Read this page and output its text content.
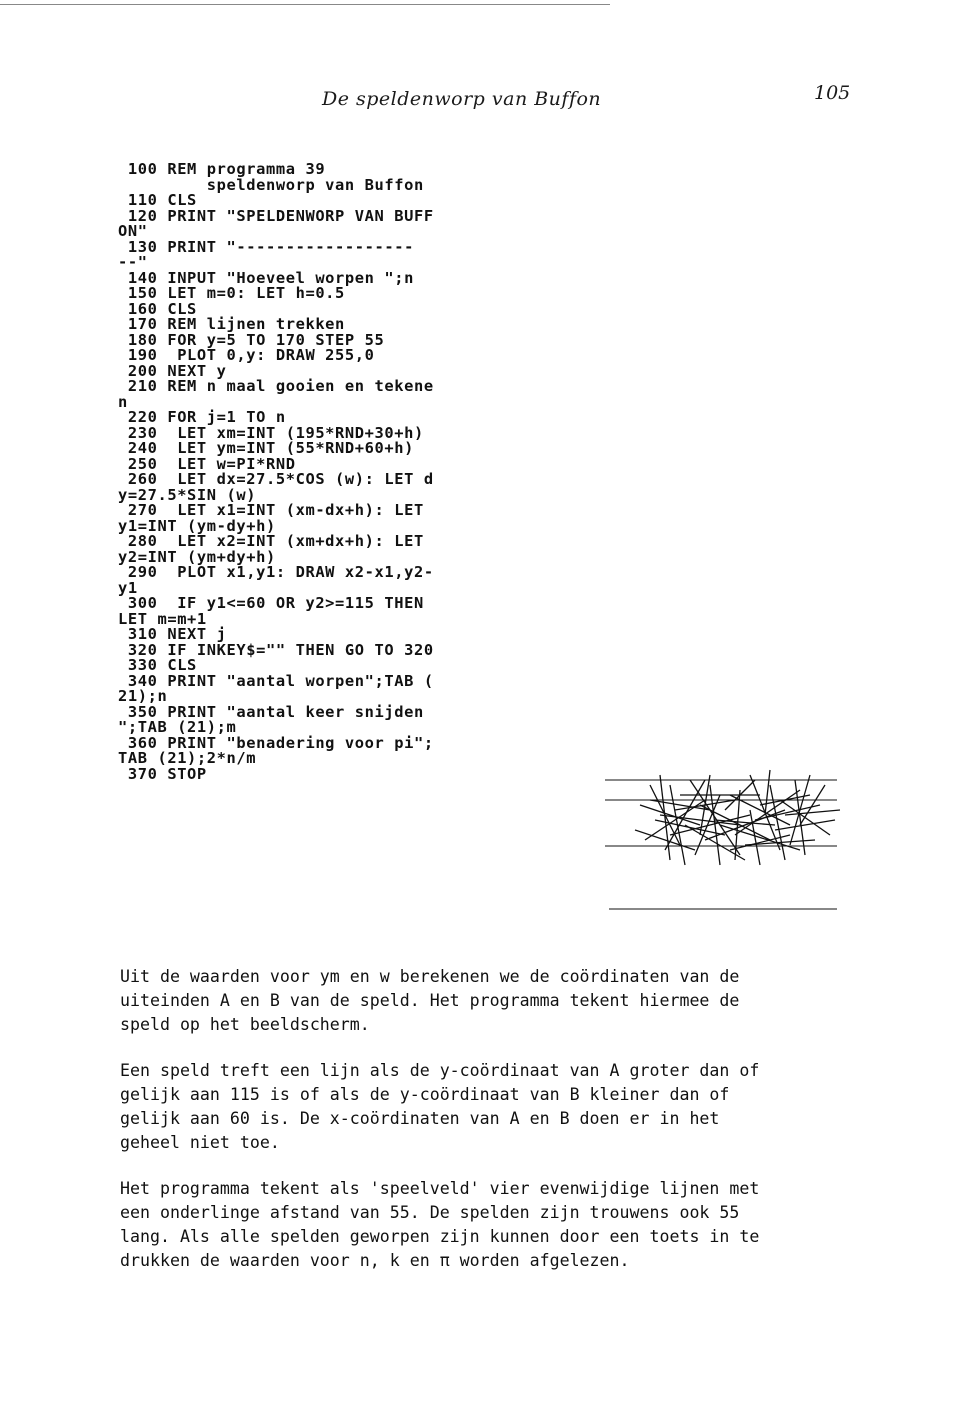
De speldenworp van Buffon	105
100 REM programma 39
speldenworp van Buffon
110 CLS
120 PRINT "SPELDENWORP VAN BUFF
ON"
130 PRINT "------------------
--"
140 INPUT "Hoeveel worpen ";n
150 LET m=0: LET h=0.5
160 CLS
170 REM lijnen trekken
180 FOR y=5 TO 170 STEP 55
190  PLOT 0,y: DRAW 255,0
200 NEXT y
210 REM n maal gooien en tekene
n
220 FOR j=1 TO n
230  LET xm=INT (195*RND+30+h)
240  LET ym=INT (55*RND+60+h)
250  LET w=PI*RND
260  LET dx=27.5*COS (w): LET d
y=27.5*SIN (w)
270  LET x1=INT (xm-dx+h): LET
y1=INT (ym-dy+h)
280  LET x2=INT (xm+dx+h): LET
y2=INT (ym+dy+h)
290  PLOT x1,y1: DRAW x2-x1,y2-
y1
300  IF y1<=60 OR y2>=115 THEN
LET m=m+1
310 NEXT j
320 IF INKEY$="" THEN GO TO 320
330 CLS
340 PRINT "aantal worpen";TAB (
21);n
350 PRINT "aantal keer snijden
";TAB (21);m
360 PRINT "benadering voor pi";
TAB (21);2*n/m
370 STOP

Uit de waarden voor ym en w berekenen we de coördinaten van de
uiteinden A en B van de speld. Het programma tekent hiermee de
speld op het beeldscherm.

Een speld treft een lijn als de y-coördinaat van A groter dan of
gelijk aan 115 is of als de y-coördinaat van B kleiner dan of
gelijk aan 60 is. De x-coördinaten van A en B doen er in het
geheel niet toe.

Het programma tekent als 'speelveld' vier evenwijdige lijnen met
een onderlinge afstand van 55. De spelden zijn trouwens ook 55
lang. Als alle spelden geworpen zijn kunnen door een toets in te
drukken de waarden voor n, k en π worden afgelezen.
